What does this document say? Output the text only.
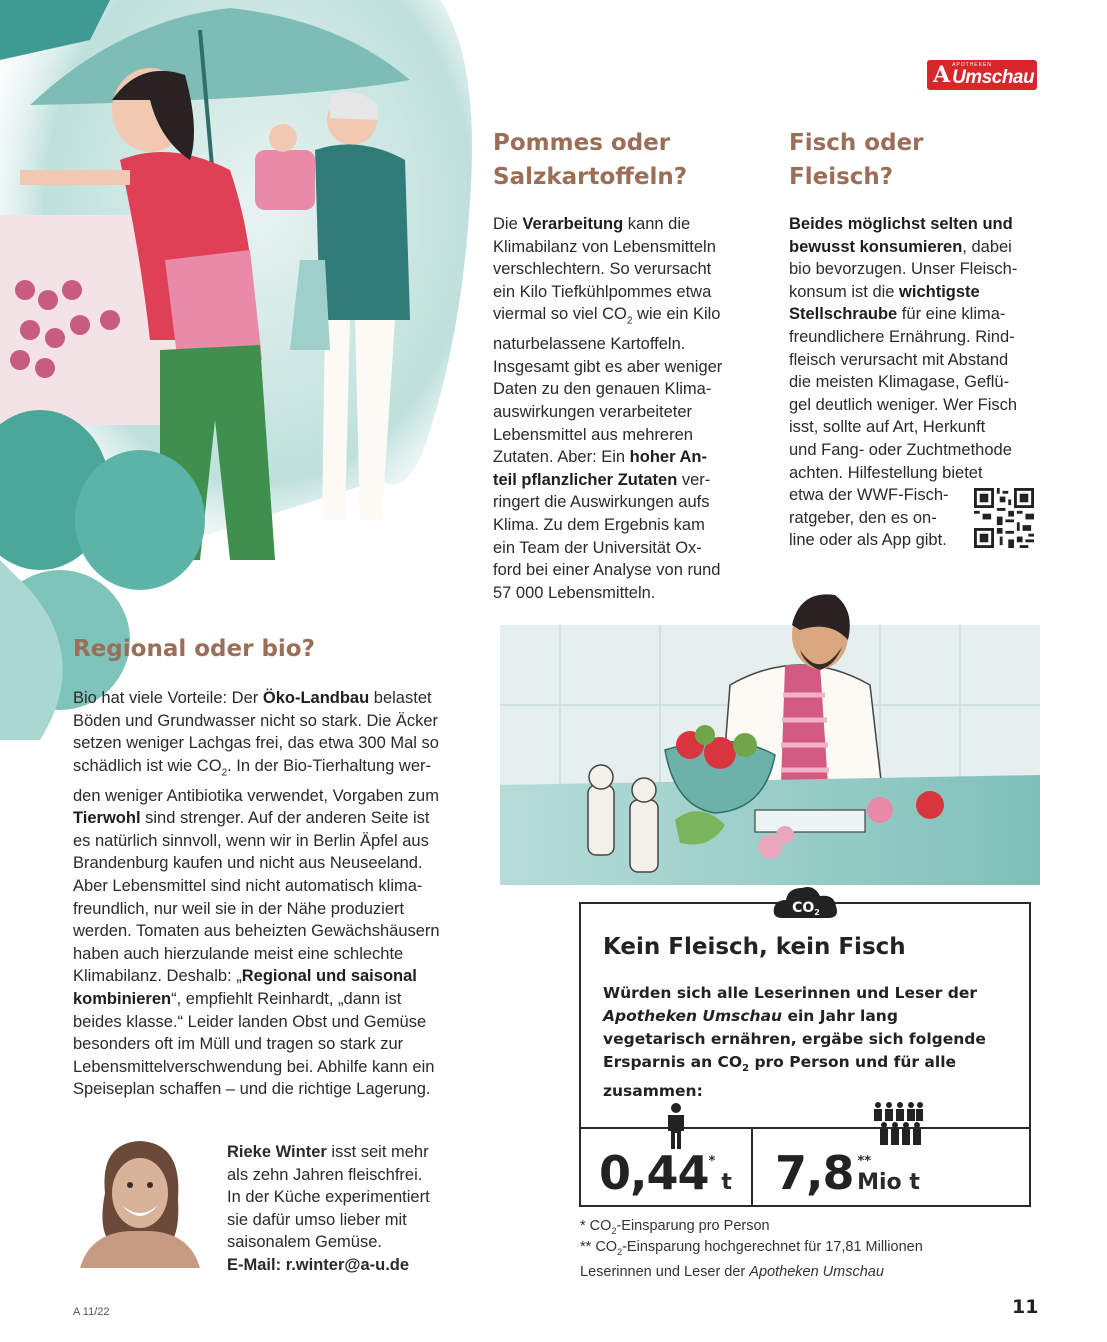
A APOTHEKEN
Umschau

Pommes oder
Salzkartoffeln?

Die Verarbeitung kann die
Klimabilanz von Lebensmitteln
verschlechtern. So verursacht
ein Kilo Tiefkühlpommes etwa
viermal so viel $CO_2$ wie ein Kilo
naturbelassene Kartoffeln.
Insgesamt gibt es aber weniger
Daten zu den genauen Klima-
auswirkungen verarbeiteter
Lebensmittel aus mehreren
Zutaten. Aber: Ein hoher An-
teil pflanzlicher Zutaten ver-
ringert die Auswirkungen aufs
Klima. Zu dem Ergebnis kam
ein Team der Universität Ox-
ford bei einer Analyse von rund
57 000 Lebensmitteln.

Fisch oder
Fleisch?

Beides möglichst selten und
bewusst konsumieren, dabei
bio bevorzugen. Unser Fleisch-
konsum ist die wichtigste
Stellschraube für eine klima-
freundlichere Ernährung. Rind-
fleisch verursacht mit Abstand
die meisten Klimagase, Geflü-
gel deutlich weniger. Wer Fisch
isst, sollte auf Art, Herkunft
und Fang- oder Zuchtmethode
achten. Hilfestellung bietet
etwa der WWF-Fisch-
ratgeber, den es on-
line oder als App gibt.

Regional oder bio?

Bio hat viele Vorteile: Der Öko-Landbau belastet
Böden und Grundwasser nicht so stark. Die Äcker
setzen weniger Lachgas frei, das etwa 300 Mal so
schädlich ist wie $CO_2$. In der Bio-Tierhaltung wer-
den weniger Antibiotika verwendet, Vorgaben zum
Tierwohl sind strenger. Auf der anderen Seite ist
es natürlich sinnvoll, wenn wir in Berlin Äpfel aus
Brandenburg kaufen und nicht aus Neuseeland.
Aber Lebensmittel sind nicht automatisch klima-
freundlich, nur weil sie in der Nähe produziert
werden. Tomaten aus beheizten Gewächshäusern
haben auch hierzulande meist eine schlechte
Klimabilanz. Deshalb: „Regional und saisonal
kombinieren“, empfiehlt Reinhardt, „dann ist
beides klasse.“ Leider landen Obst und Gemüse
besonders oft im Müll und tragen so stark zur
Lebensmittelverschwendung bei. Abhilfe kann ein
Speiseplan schaffen – und die richtige Lagerung.

Rieke Winter isst seit mehr
als zehn Jahren fleischfrei.
In der Küche experimentiert
sie dafür umso lieber mit
saisonalem Gemüse.
E-Mail: r.winter@a-u.de

$CO_2$
Kein Fleisch, kein Fisch

Würden sich alle Leserinnen und Leser der Apotheken Umschau ein Jahr lang vegetarisch ernähren, ergäbe sich folgende Ersparnis an $CO_2$ pro Person und für alle zusammen:

0,44*t 7,8 **Mio t

* $CO_2$-Einsparung pro Person

** $CO_2$-Einsparung hochgerechnet für 17,81 Millionen
Leserinnen und Leser der Apotheken Umschau

A 11/22	11
